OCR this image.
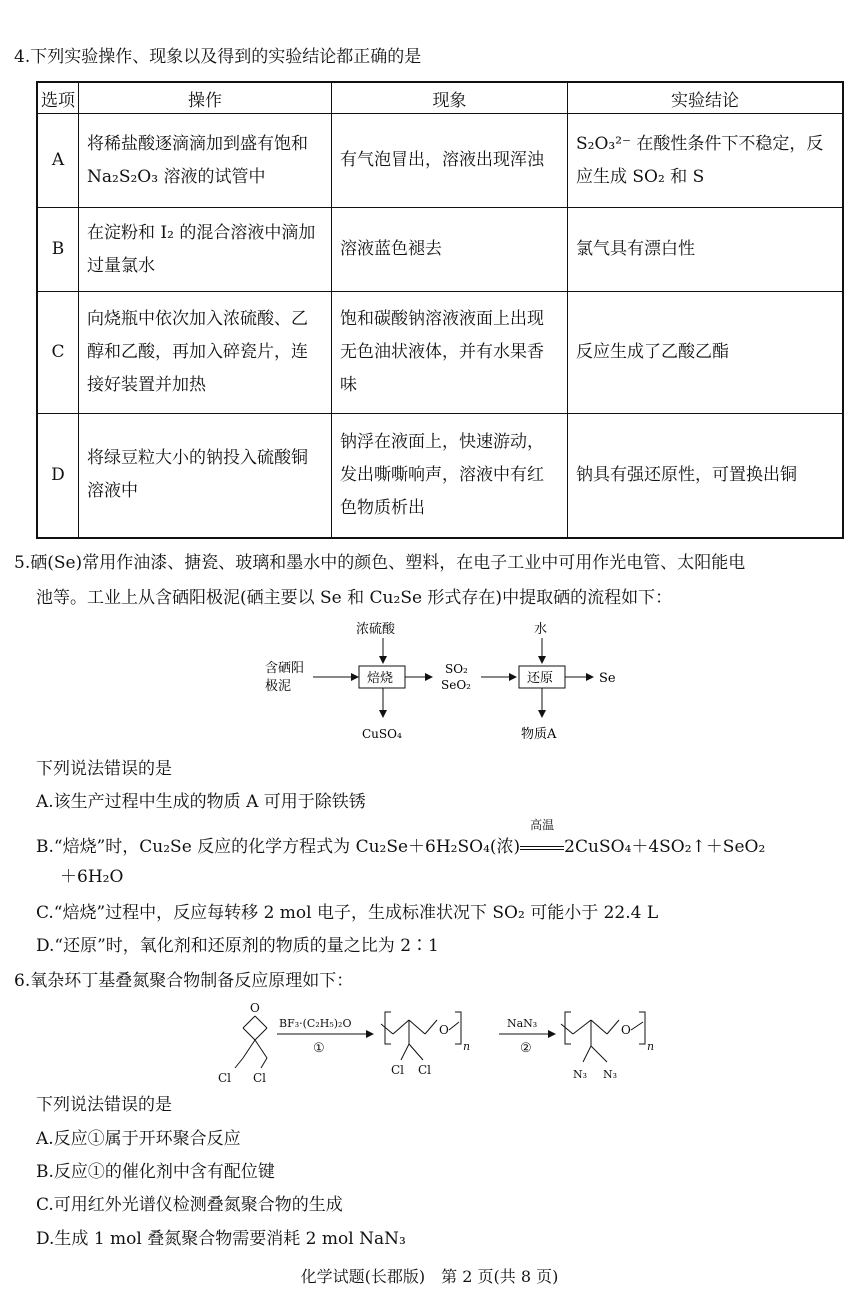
4.下列实验操作、现象以及得到的实验结论都正确的是
选项	操作	现象	实验结论
A	将稀盐酸逐滴滴加到盛有饱和 Na₂S₂O₃ 溶液的试管中	有气泡冒出，溶液出现浑浊	S₂O₃²⁻ 在酸性条件下不稳定，反应生成 SO₂ 和 S
B	在淀粉和 I₂ 的混合溶液中滴加过量氯水	溶液蓝色褪去	氯气具有漂白性
C	向烧瓶中依次加入浓硫酸、乙醇和乙酸，再加入碎瓷片，连接好装置并加热	饱和碳酸钠溶液液面上出现无色油状液体，并有水果香味	反应生成了乙酸乙酯
D	将绿豆粒大小的钠投入硫酸铜溶液中	钠浮在液面上，快速游动，发出嘶嘶响声，溶液中有红色物质析出	钠具有强还原性，可置换出铜
5.硒(Se)常用作油漆、搪瓷、玻璃和墨水中的颜色、塑料，在电子工业中可用作光电管、太阳能电
池等。工业上从含硒阳极泥(硒主要以 Se 和 Cu₂Se 形式存在)中提取硒的流程如下：
含硒阳
极泥
浓硫酸
焙烧
CuSO₄
SO₂
SeO₂
水
还原
物质A
Se
下列说法错误的是
A.该生产过程中生成的物质 A 可用于除铁锈
B.“焙烧”时，Cu₂Se 反应的化学方程式为 Cu₂Se＋6H₂SO₄(浓)
高温
2CuSO₄＋4SO₂↑＋SeO₂
＋6H₂O
C.“焙烧”过程中，反应每转移 2 mol 电子，生成标准状况下 SO₂ 可能小于 22.4 L
D.“还原”时，氧化剂和还原剂的物质的量之比为 2∶1
6.氧杂环丁基叠氮聚合物制备反应原理如下：
O
Cl Cl
BF₃·(C₂H₅)₂O
①
O
n
Cl Cl
NaN₃
②
O
n
N₃ N₃
下列说法错误的是
A.反应①属于开环聚合反应
B.反应①的催化剂中含有配位键
C.可用红外光谱仪检测叠氮聚合物的生成
D.生成 1 mol 叠氮聚合物需要消耗 2 mol NaN₃
化学试题(长郡版)　第 2 页(共 8 页)
